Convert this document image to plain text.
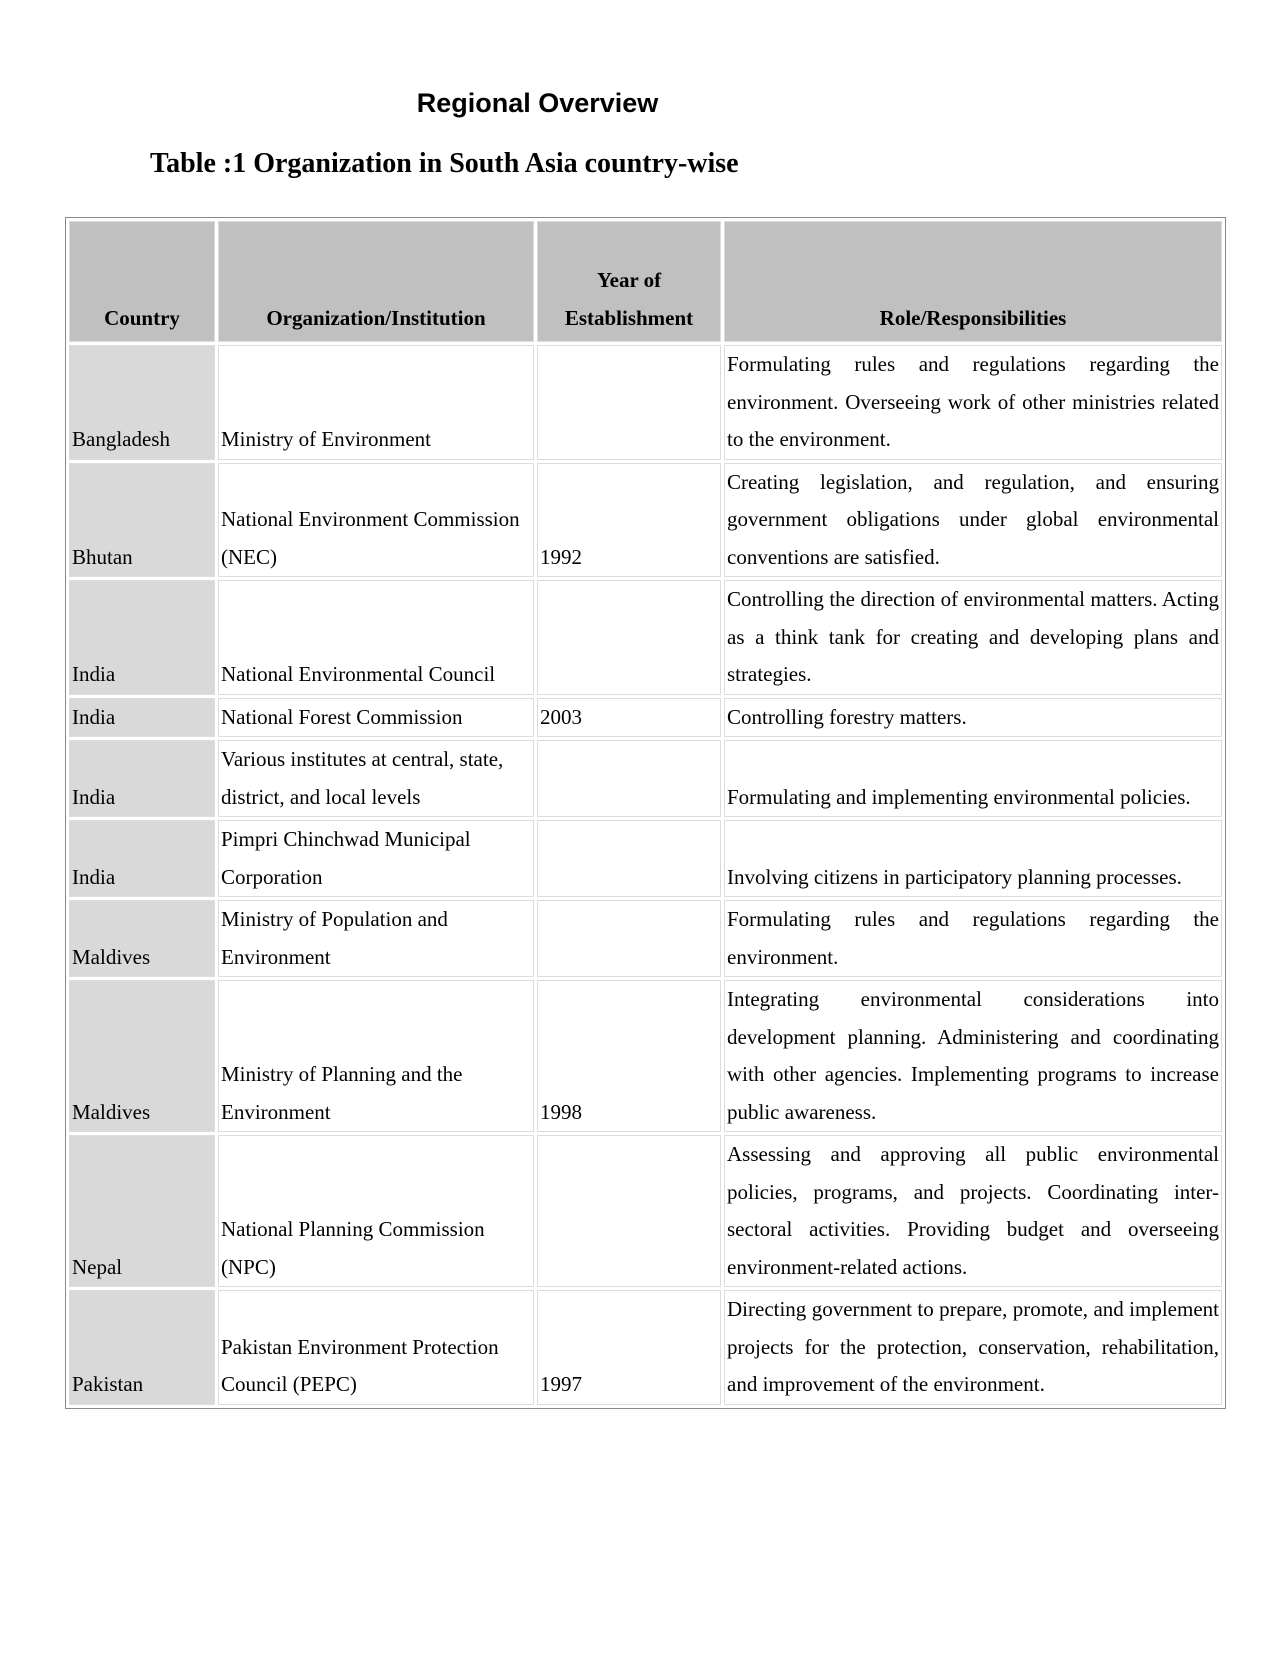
Regional Overview
Table :1 Organization in South Asia country-wise
Country	Organization/Institution	Year of Establishment	Role/Responsibilities
Bangladesh	Ministry of Environment		Formulating rules and regulations regarding the environment. Overseeing work of other ministries related to the environment.
Bhutan	National Environment Commission (NEC)	1992	Creating legislation, and regulation, and ensuring government obligations under global environmental conventions are satisfied.
India	National Environmental Council		Controlling the direction of environmental matters. Acting as a think tank for creating and developing plans and strategies.
India	National Forest Commission	2003	Controlling forestry matters.
India	Various institutes at central, state, district, and local levels		Formulating and implementing environmental policies.
India	Pimpri Chinchwad Municipal Corporation		Involving citizens in participatory planning processes.
Maldives	Ministry of Population and Environment		Formulating rules and regulations regarding the environment.
Maldives	Ministry of Planning and the Environment	1998	Integrating environmental considerations into development planning. Administering and coordinating with other agencies. Implementing programs to increase public awareness.
Nepal	National Planning Commission (NPC)		Assessing and approving all public environmental policies, programs, and projects. Coordinating inter-sectoral activities. Providing budget and overseeing environment-related actions.
Pakistan	Pakistan Environment Protection Council (PEPC)	1997	Directing government to prepare, promote, and implement projects for the protection, conservation, rehabilitation, and improvement of the environment.
